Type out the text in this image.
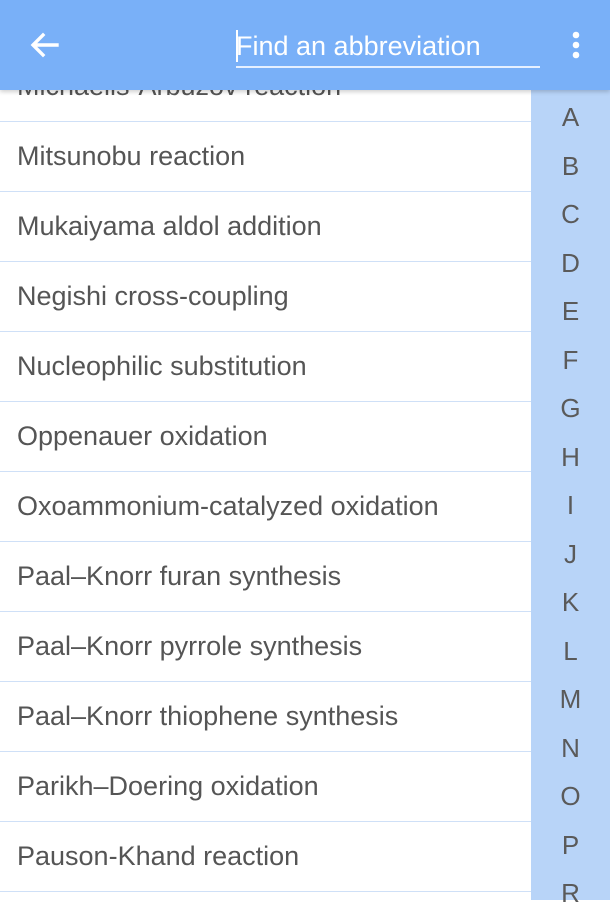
Mitsunobu reaction
Mukaiyama aldol addition
Negishi cross-coupling
Nucleophilic substitution
Oppenauer oxidation
Oxoammonium-catalyzed oxidation
Paal–Knorr furan synthesis
Paal–Knorr pyrrole synthesis
Paal–Knorr thiophene synthesis
Parikh–Doering oxidation
Pauson-Khand reaction
Find an abbreviation
A
B
C
D
E
F
G
H
I
J
K
L
M
N
O
P
R
